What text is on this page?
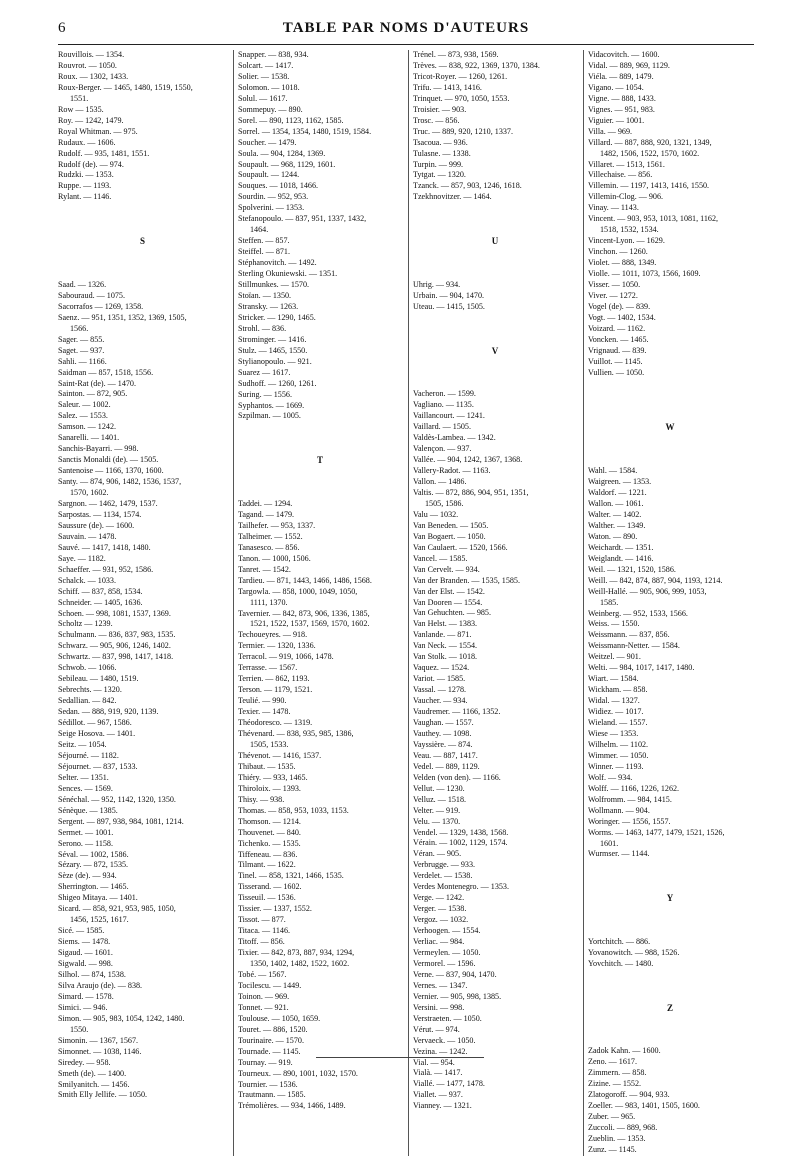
6	TABLE PAR NOMS D'AUTEURS
Rouvillois. — 1354.
Rouvrot. — 1050.
Roux. — 1302, 1433.
Roux-Berger. — 1465, 1480, 1519, 1550,
1551.
Row — 1535.
Roy. — 1242, 1479.
Royal Whitman. — 975.
Rudaux. — 1606.
Rudolf. — 935, 1481, 1551.
Rudolf (de). — 974.
Rudzki. — 1353.
Ruppe. — 1193.
Rylant. — 1146.
S
Saad. — 1326.
Sabouraud. — 1075.
Sacorrafos — 1269, 1358.
Saenz. — 951, 1351, 1352, 1369, 1505,
1566.
Sager. — 855.
Saget. — 937.
Sahli. — 1166.
Saidman — 857, 1518, 1556.
Saint-Rat (de). — 1470.
Sainton. — 872, 905.
Saleur. — 1002.
Salez. — 1553.
Samson. — 1242.
Sanarelli. — 1401.
Sanchis-Bayarri. — 998.
Sanctis Monaldi (de). — 1505.
Santenoise — 1166, 1370, 1600.
Santy. — 874, 906, 1482, 1536, 1537,
1570, 1602.
Sargnon. — 1462, 1479, 1537.
Sarpostas. — 1134, 1574.
Saussure (de). — 1600.
Sauvain. — 1478.
Sauvé. — 1417, 1418, 1480.
Saye. — 1182.
Schaeffer. — 931, 952, 1586.
Schalck. — 1033.
Schiff. — 837, 858, 1534.
Schneider. — 1405, 1636.
Schoen. — 998, 1081, 1537, 1369.
Scholtz — 1239.
Schulmann. — 836, 837, 983, 1535.
Schwarz. — 905, 906, 1246, 1402.
Schwartz. — 837, 998, 1417, 1418.
Schwob. — 1066.
Sebileau. — 1480, 1519.
Sebrechts. — 1320.
Sedallian. — 842.
Sedan. — 888, 919, 920, 1139.
Sédillot. — 967, 1586.
Seige Hosova. — 1401.
Seitz. — 1054.
Séjourné. — 1182.
Séjournet. — 837, 1533.
Selter. — 1351.
Sences. — 1569.
Sénéchal. — 952, 1142, 1320, 1350.
Sénèque. — 1385.
Sergent. — 897, 938, 984, 1081, 1214.
Sermet. — 1001.
Serono. — 1158.
Séval. — 1002, 1586.
Sézary. — 872, 1535.
Sèze (de). — 934.
Sherrington. — 1465.
Shigeo Mitaya. — 1401.
Sicard. — 858, 921, 953, 985, 1050,
1456, 1525, 1617.
Sicé. — 1585.
Siems. — 1478.
Sigaud. — 1601.
Sigwald. — 998.
Silhol. — 874, 1538.
Silva Araujo (de). — 838.
Simard. — 1578.
Simici. — 946.
Simon. — 905, 983, 1054, 1242, 1480.
1550.
Simonin. — 1367, 1567.
Simonnet. — 1038, 1146.
Siredey. — 958.
Smeth (de). — 1400.
Smilyanitch. — 1456.
Smith Elly Jellife. — 1050.
Snapper. — 838, 934.
Solcart. — 1417.
Solier. — 1538.
Solomon. — 1018.
Solul. — 1617.
Sommepuy. — 890.
Sorel. — 890, 1123, 1162, 1585.
Sorrel. — 1354, 1354, 1480, 1519, 1584.
Soucher. — 1479.
Soula. — 904, 1284, 1369.
Soupault. — 968, 1129, 1601.
Soupault. — 1244.
Souques. — 1018, 1466.
Sourdin. — 952, 953.
Spolverini. — 1353.
Stefanopoulo. — 837, 951, 1337, 1432,
1464.
Steffen. — 857.
Steiffel. — 871.
Stéphanovitch. — 1492.
Sterling Okuniewski. — 1351.
Stillmunkes. — 1570.
Stoïan. — 1350.
Stransky. — 1263.
Stricker. — 1290, 1465.
Strohl. — 836.
Strominger. — 1416.
Stulz. — 1465, 1550.
Stylianopoulo. — 921.
Suarez — 1617.
Sudhoff. — 1260, 1261.
Suring. — 1556.
Syphantos. — 1669.
Szpilman. — 1005.
T
Taddei. — 1294.
Tagand. — 1479.
Tailhefer. — 953, 1337.
Talheimer. — 1552.
Tanasesco. — 856.
Tanon. — 1000, 1506.
Tanret. — 1542.
Tardieu. — 871, 1443, 1466, 1486, 1568.
Targowla. — 858, 1000, 1049, 1050,
1111, 1370.
Tavernier. — 842, 873, 906, 1336, 1385,
1521, 1522, 1537, 1569, 1570, 1602.
Techoueyres. — 918.
Termier. — 1320, 1336.
Terracol. — 919, 1066, 1478.
Terrasse. — 1567.
Terrien. — 862, 1193.
Terson. — 1179, 1521.
Teulié. — 990.
Texier. — 1478.
Théodoresco. — 1319.
Thévenard. — 838, 935, 985, 1386,
1505, 1533.
Thévenot. — 1416, 1537.
Thibaut. — 1535.
Thiéry. — 933, 1465.
Thiroloix. — 1393.
Thisy. — 938.
Thomas. — 858, 953, 1033, 1153.
Thomson. — 1214.
Thouvenet. — 840.
Tichenko. — 1535.
Tiffeneau. — 836.
Tilmant. — 1622.
Tinel. — 858, 1321, 1466, 1535.
Tisserand. — 1602.
Tisseuil. — 1536.
Tissier. — 1337, 1552.
Tissot. — 877.
Titaca. — 1146.
Titoff. — 856.
Tixier. — 842, 873, 887, 934, 1294,
1350, 1402, 1482, 1522, 1602.
Tobé. — 1567.
Tocilescu. — 1449.
Toinon. — 969.
Tonnet. — 921.
Toulouse. — 1050, 1659.
Touret. — 886, 1520.
Tourinaire. — 1570.
Tournade. — 1145.
Tournay. — 919.
Tourneux. — 890, 1001, 1032, 1570.
Tournier. — 1536.
Trautmann. — 1585.
Trémolières. — 934, 1466, 1489.
Trénel. — 873, 938, 1569.
Trèves. — 838, 922, 1369, 1370, 1384.
Tricot-Royer. — 1260, 1261.
Trifu. — 1413, 1416.
Trinquet. — 970, 1050, 1553.
Troisier. — 903.
Trosc. — 856.
Truc. — 889, 920, 1210, 1337.
Tsacoua. — 936.
Tulasne. — 1338.
Turpin. — 999.
Tytgat. — 1320.
Tzanck. — 857, 903, 1246, 1618.
Tzekhnovitzer. — 1464.
U
Uhrig. — 934.
Urbain. — 904, 1470.
Uteau. — 1415, 1505.
V
Vacheron. — 1599.
Vagliano. — 1135.
Vaillancourt. — 1241.
Vaillard. — 1505.
Valdès-Lambea. — 1342.
Valençon. — 937.
Vallée. — 904, 1242, 1367, 1368.
Vallery-Radot. — 1163.
Vallon. — 1486.
Valtis. — 872, 886, 904, 951, 1351,
1505, 1586.
Valu — 1032.
Van Beneden. — 1505.
Van Bogaert. — 1050.
Van Caulaert. — 1520, 1566.
Vancel. — 1585.
Van Cervelt. — 934.
Van der Branden. — 1535, 1585.
Van der Elst. — 1542.
Van Dooren — 1554.
Van Gehuchten. — 985.
Van Helst. — 1383.
Vanlande. — 871.
Van Neck. — 1554.
Van Stolk. — 1018.
Vaquez. — 1524.
Variot. — 1585.
Vassal. — 1278.
Vaucher. — 934.
Vaudremer. — 1166, 1352.
Vaughan. — 1557.
Vauthey. — 1098.
Vayssière. — 874.
Veau. — 887, 1417.
Vedel. — 889, 1129.
Velden (von den). — 1166.
Vellut. — 1230.
Velluz. — 1518.
Velter. — 919.
Velu. — 1370.
Vendel. — 1329, 1438, 1568.
Vérain. — 1002, 1129, 1574.
Véran. — 905.
Verbrugge. — 933.
Verdelet. — 1538.
Verdes Montenegro. — 1353.
Verge. — 1242.
Verger. — 1538.
Vergoz. — 1032.
Verhoogen. — 1554.
Verliac. — 984.
Vermeylen. — 1050.
Vermorel. — 1596.
Verne. — 837, 904, 1470.
Vernes. — 1347.
Vernier. — 905, 998, 1385.
Versini. — 998.
Verstraeten. — 1050.
Vérut. — 974.
Vervaeck. — 1050.
Vezina. — 1242.
Vial. — 954.
Vialà. — 1417.
Viallé. — 1477, 1478.
Viallet. — 937.
Vianney. — 1321.
Vidacovitch. — 1600.
Vidal. — 889, 969, 1129.
Viéla. — 889, 1479.
Vigano. — 1054.
Vigne. — 888, 1433.
Vignes. — 951, 983.
Viguier. — 1001.
Villa. — 969.
Villard. — 887, 888, 920, 1321, 1349,
1482, 1506, 1522, 1570, 1602.
Villaret. — 1513, 1561.
Villechaise. — 856.
Villemin. — 1197, 1413, 1416, 1550.
Villemin-Clog. — 906.
Vinay. — 1143.
Vincent. — 903, 953, 1013, 1081, 1162,
1518, 1532, 1534.
Vincent-Lyon. — 1629.
Vinchon. — 1260.
Violet. — 888, 1349.
Violle. — 1011, 1073, 1566, 1609.
Visser. — 1050.
Viver. — 1272.
Vogel (de). — 839.
Vogt. — 1402, 1534.
Voizard. — 1162.
Voncken. — 1465.
Vrignaud. — 839.
Vuillot. — 1145.
Vullien. — 1050.
W
Wahl. — 1584.
Waigreen. — 1353.
Waldorf. — 1221.
Wallon. — 1061.
Walter. — 1402.
Walther. — 1349.
Waton. — 890.
Weichardt. — 1351.
Weiglandt. — 1416.
Weil. — 1321, 1520, 1586.
Weill. — 842, 874, 887, 904, 1193, 1214.
Weill-Hallé. — 905, 906, 999, 1053,
1585.
Weinberg. — 952, 1533, 1566.
Weiss. — 1550.
Weissmann. — 837, 856.
Weissmann-Netter. — 1584.
Weitzel. — 901.
Welti. — 984, 1017, 1417, 1480.
Wiart. — 1584.
Wickham. — 858.
Widal. — 1327.
Widiez. — 1017.
Wieland. — 1557.
Wiese — 1353.
Wilhelm. — 1102.
Wimmer. — 1050.
Winner. — 1193.
Wolf. — 934.
Wolff. — 1166, 1226, 1262.
Wolfromm. — 984, 1415.
Wollmann. — 904.
Woringer. — 1556, 1557.
Worms. — 1463, 1477, 1479, 1521, 1526,
1601.
Wurmser. — 1144.
Y
Yortchitch. — 886.
Yovanowitch. — 988, 1526.
Yovchitch. — 1480.
Z
Zadok Kahn. — 1600.
Zeno. — 1617.
Zimmern. — 858.
Zizine. — 1552.
Zlatogoroff. — 904, 933.
Zoeller. — 983, 1401, 1505, 1600.
Zuber. — 965.
Zuccoli. — 889, 968.
Zueblin. — 1353.
Zunz. — 1145.
